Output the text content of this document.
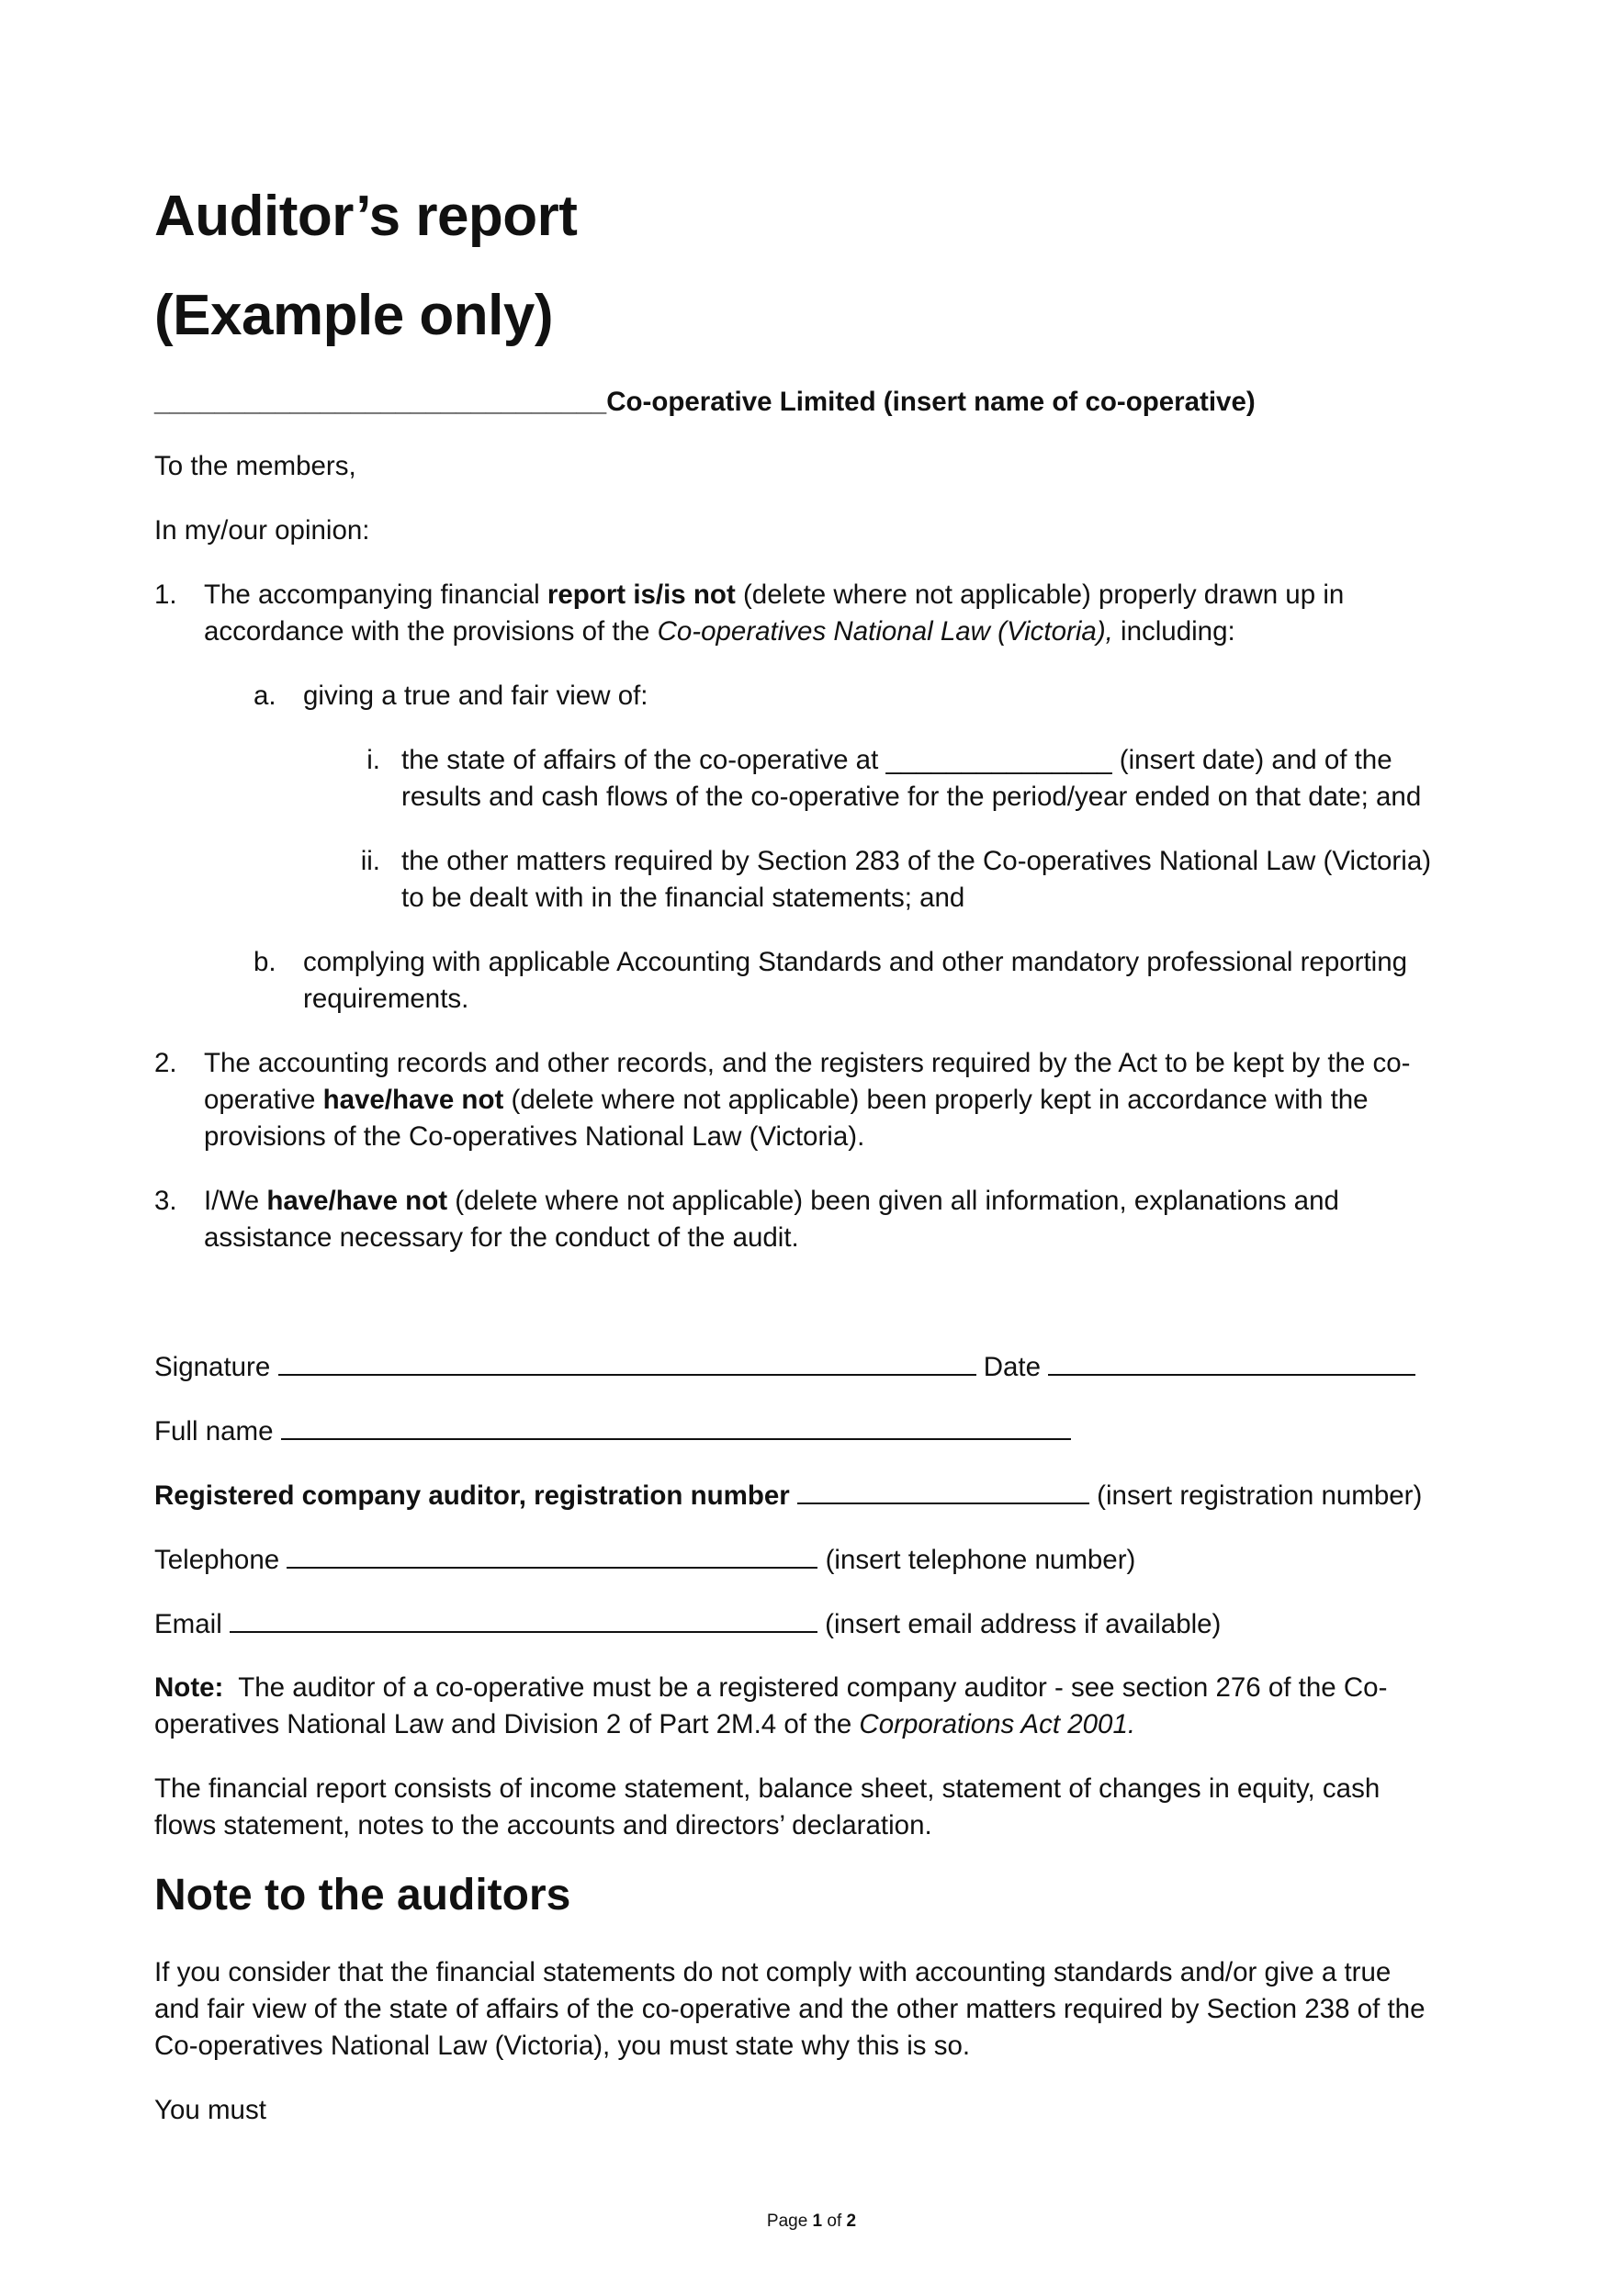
Auditor’s report
(Example only)
______________________________Co-operative Limited (insert name of co-operative)
To the members,
In my/our opinion:
1. The accompanying financial report is/is not (delete where not applicable) properly drawn up in
accordance with the provisions of the Co-operatives National Law (Victoria), including:
a. giving a true and fair view of:
i. the state of affairs of the co-operative at _______________ (insert date) and of the
results and cash flows of the co-operative for the period/year ended on that date; and
ii. the other matters required by Section 283 of the Co-operatives National Law (Victoria)
to be dealt with in the financial statements; and
b. complying with applicable Accounting Standards and other mandatory professional reporting
requirements.
2. The accounting records and other records, and the registers required by the Act to be kept by the co-
operative have/have not (delete where not applicable) been properly kept in accordance with the
provisions of the Co-operatives National Law (Victoria).
3. I/We have/have not (delete where not applicable) been given all information, explanations and
assistance necessary for the conduct of the audit.
Signature	Date
Full name
Registered company auditor, registration number	(insert registration number)
Telephone	(insert telephone number)
Email	(insert email address if available)
Note:  The auditor of a co-operative must be a registered company auditor - see section 276 of the Co-
operatives National Law and Division 2 of Part 2M.4 of the Corporations Act 2001.
The financial report consists of income statement, balance sheet, statement of changes in equity, cash
flows statement, notes to the accounts and directors’ declaration.
Note to the auditors
If you consider that the financial statements do not comply with accounting standards and/or give a true
and fair view of the state of affairs of the co-operative and the other matters required by Section 238 of the
Co-operatives National Law (Victoria), you must state why this is so.
You must
Page 1 of 2
